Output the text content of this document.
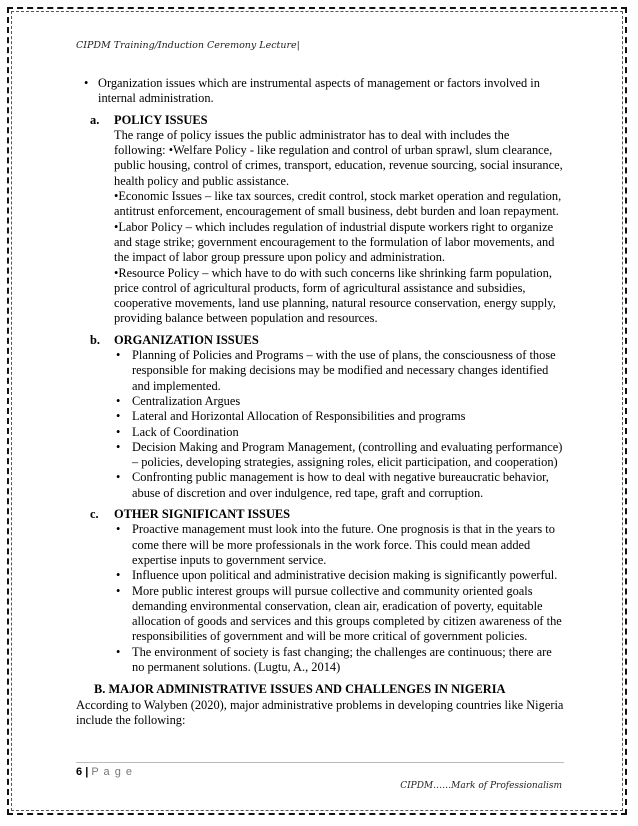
CIPDM Training/Induction Ceremony Lecture|
• Organization issues which are instrumental aspects of management or factors involved in internal administration.
a.	POLICY ISSUES
The range of policy issues the public administrator has to deal with includes the following: •Welfare Policy - like regulation and control of urban sprawl, slum clearance, public housing, control of crimes, transport, education, revenue sourcing, social insurance, health policy and public assistance.
•Economic Issues – like tax sources, credit control, stock market operation and regulation, antitrust enforcement, encouragement of small business, debt burden and loan repayment.
•Labor Policy – which includes regulation of industrial dispute workers right to organize and stage strike; government encouragement to the formulation of labor movements, and the impact of labor group pressure upon policy and administration.
•Resource Policy – which have to do with such concerns like shrinking farm population, price control of agricultural products, form of agricultural assistance and subsidies, cooperative movements, land use planning, natural resource conservation, energy supply, providing balance between population and resources.
b.	ORGANIZATION ISSUES
• Planning of Policies and Programs – with the use of plans, the consciousness of those responsible for making decisions may be modified and necessary changes identified and implemented.
• Centralization Argues
• Lateral and Horizontal Allocation of Responsibilities and programs
• Lack of Coordination
• Decision Making and Program Management, (controlling and evaluating performance) – policies, developing strategies, assigning roles, elicit participation, and cooperation)
• Confronting public management is how to deal with negative bureaucratic behavior, abuse of discretion and over indulgence, red tape, graft and corruption.
c.	OTHER SIGNIFICANT ISSUES
• Proactive management must look into the future. One prognosis is that in the years to come there will be more professionals in the work force. This could mean added expertise inputs to government service.
• Influence upon political and administrative decision making is significantly powerful.
• More public interest groups will pursue collective and community oriented goals demanding environmental conservation, clean air, eradication of poverty, equitable allocation of goods and services and this groups completed by citizen awareness of the responsibilities of government and will be more critical of government policies.
• The environment of society is fast changing; the challenges are continuous; there are no permanent solutions. (Lugtu, A., 2014)
B. MAJOR ADMINISTRATIVE ISSUES AND CHALLENGES IN NIGERIA
According to Walyben (2020), major administrative problems in developing countries like Nigeria include the following:
6 | P a g e
CIPDM……Mark of Professionalism
